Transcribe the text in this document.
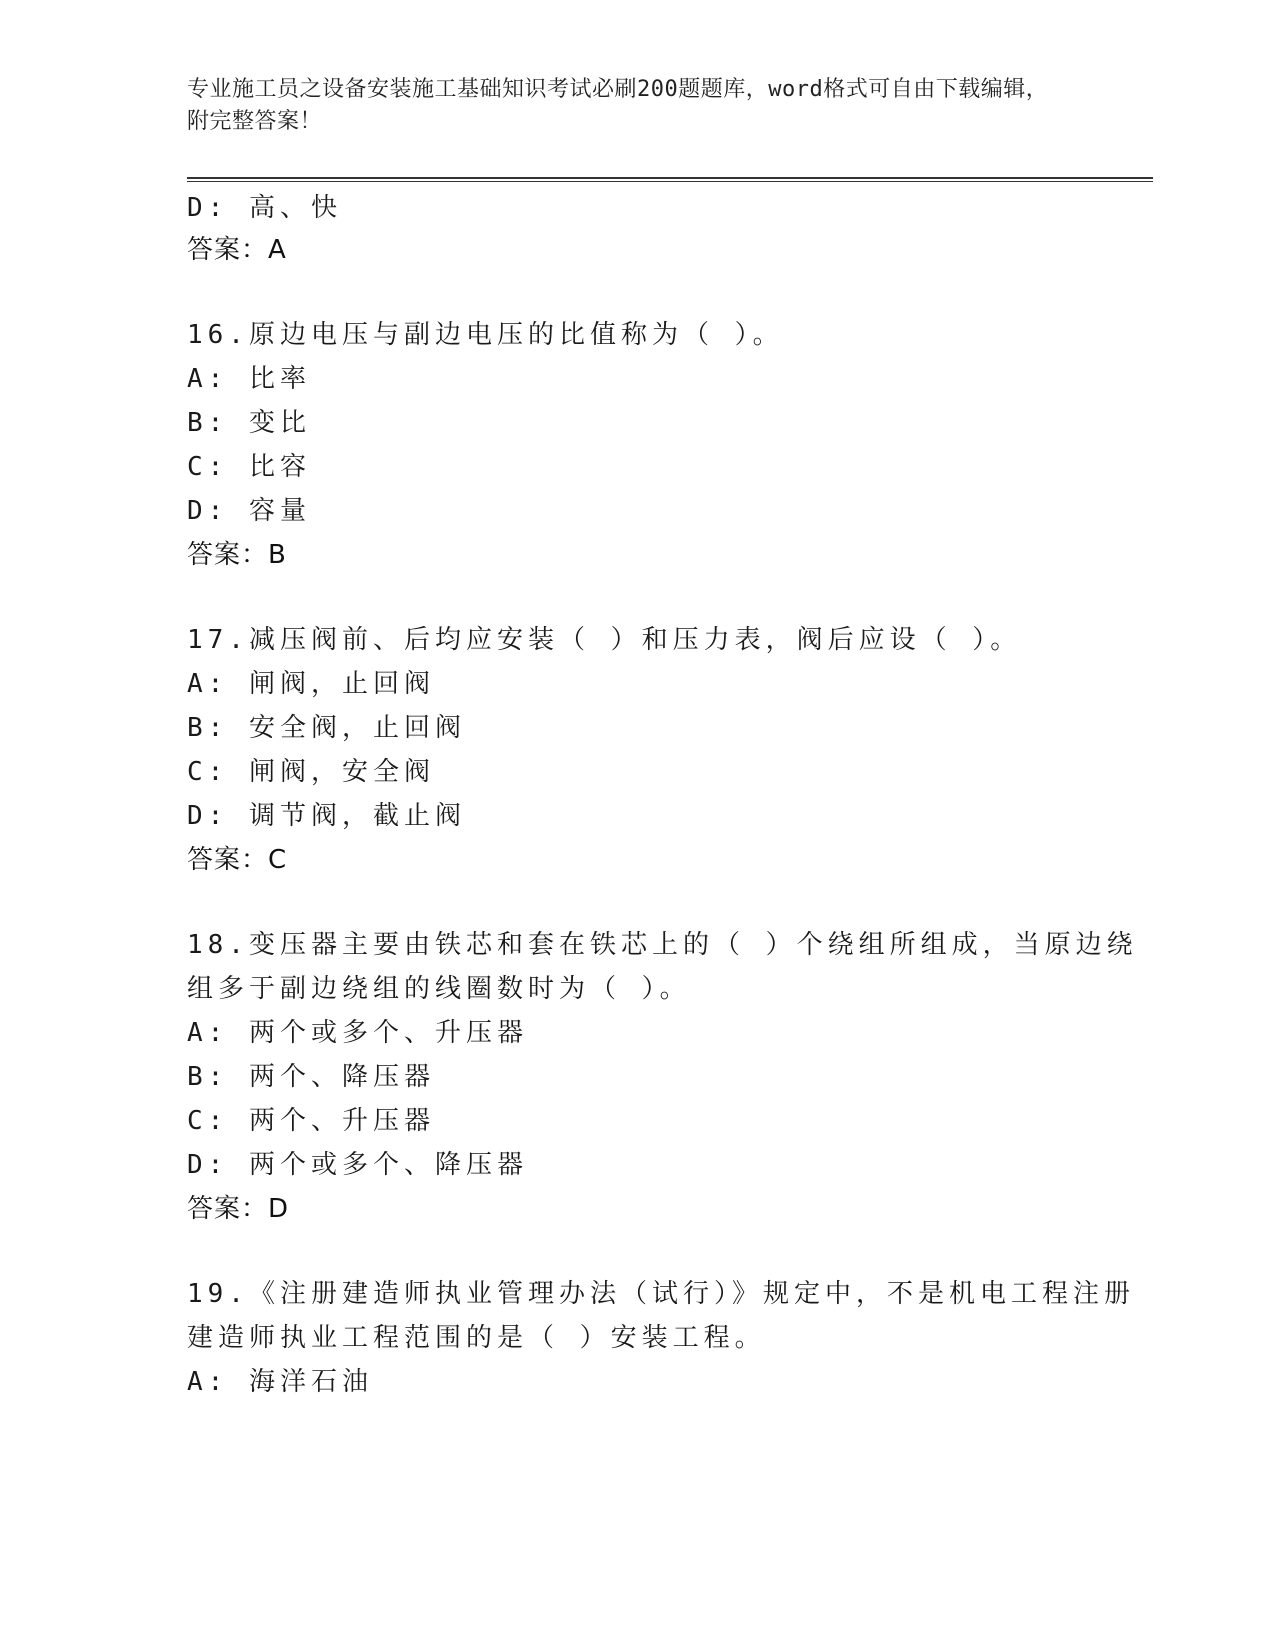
专业施工员之设备安装施工基础知识考试必刷200题题库，word格式可自由下载编辑，附完整答案！
D: 高、快
答案：A
16.原边电压与副边电压的比值称为（ ）。
A: 比率
B: 变比
C: 比容
D: 容量
答案：B
17.减压阀前、后均应安装（ ）和压力表，阀后应设（ ）。
A: 闸阀，止回阀
B: 安全阀，止回阀
C: 闸阀，安全阀
D: 调节阀，截止阀
答案：C
18.变压器主要由铁芯和套在铁芯上的（ ）个绕组所组成，当原边绕
组多于副边绕组的线圈数时为（ ）。
A: 两个或多个、升压器
B: 两个、降压器
C: 两个、升压器
D: 两个或多个、降压器
答案：D
19.《注册建造师执业管理办法（试行）》规定中，不是机电工程注册
建造师执业工程范围的是（ ）安装工程。
A: 海洋石油
